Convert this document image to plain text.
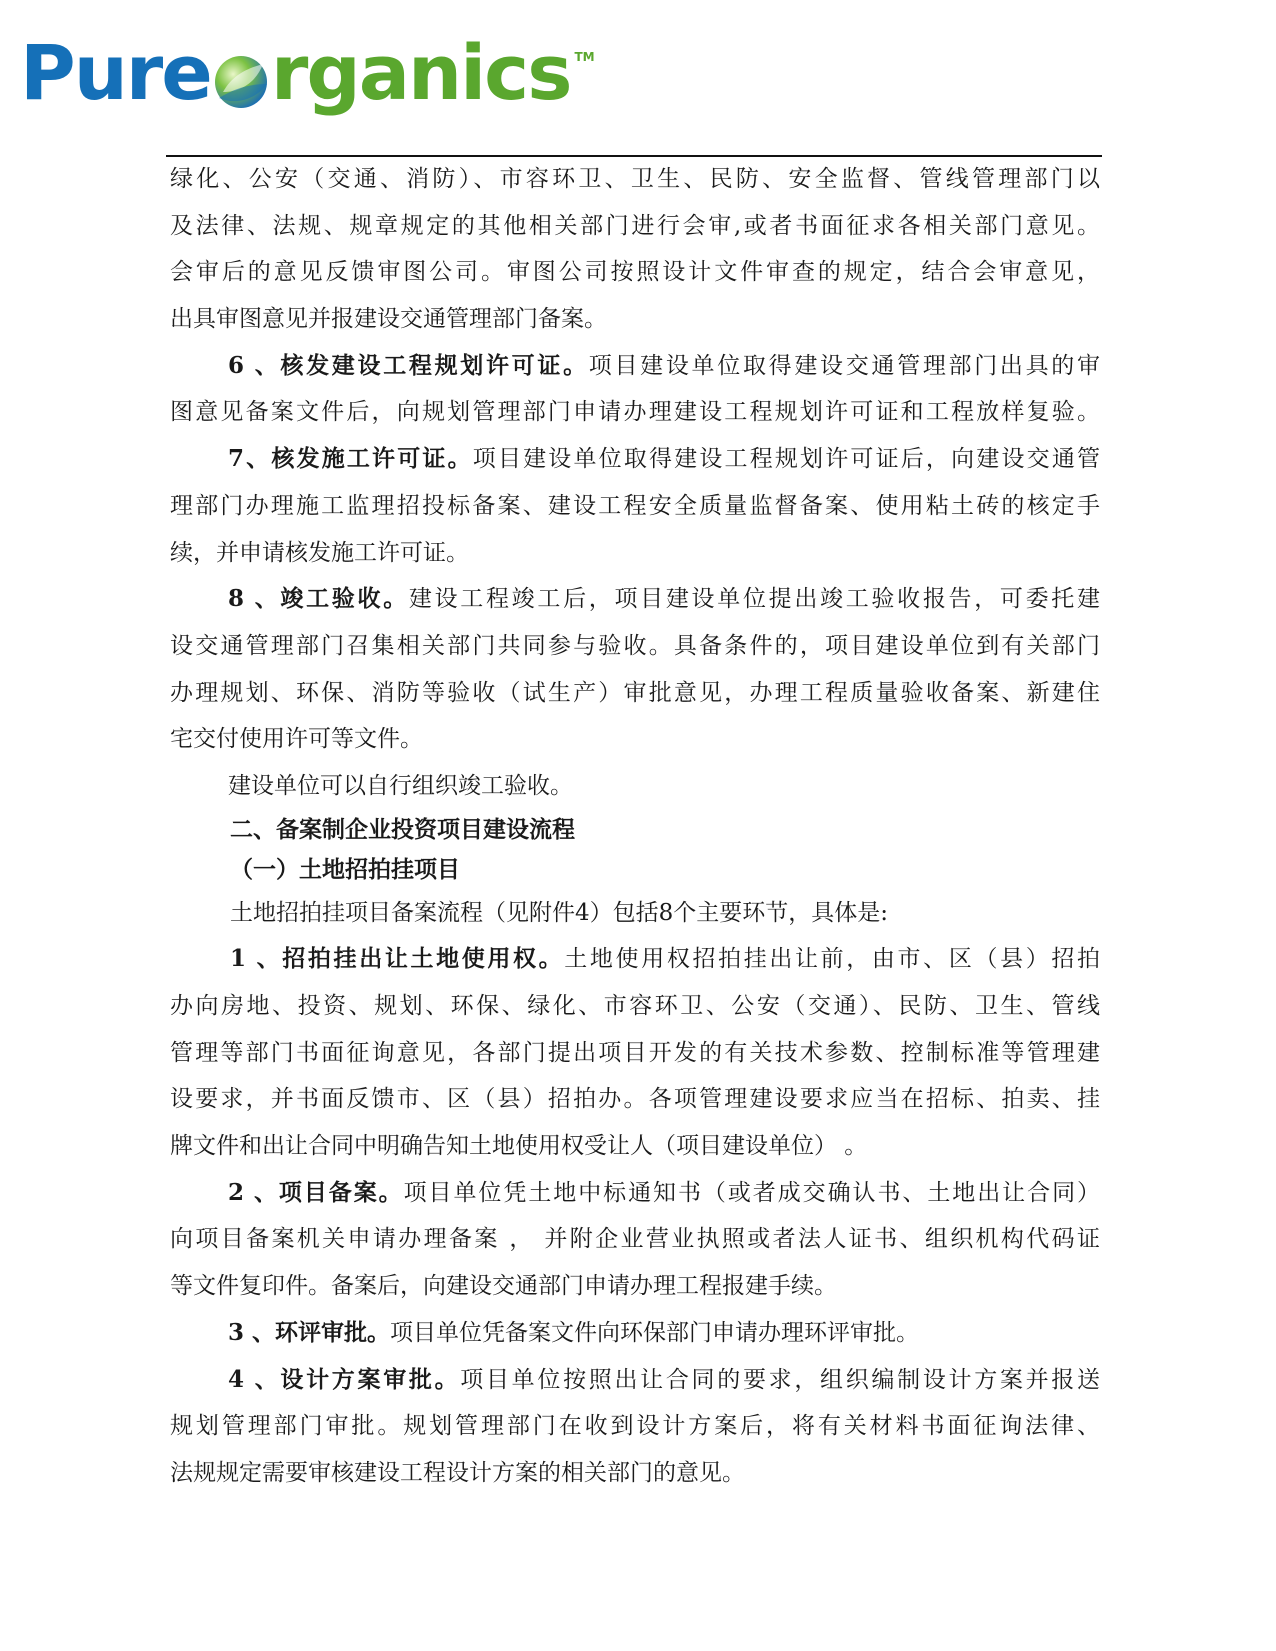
Pure rganics TM
绿化、公安（交通、消防）、市容环卫、卫生、民防、安全监督、管线管理部门以
及法律、法规、规章规定的其他相关部门进行会审,或者书面征求各相关部门意见。
会审后的意见反馈审图公司。审图公司按照设计文件审查的规定，结合会审意见，
出具审图意见并报建设交通管理部门备案。
6 、核发建设工程规划许可证。项目建设单位取得建设交通管理部门出具的审
图意见备案文件后，向规划管理部门申请办理建设工程规划许可证和工程放样复验。
7、核发施工许可证。项目建设单位取得建设工程规划许可证后，向建设交通管
理部门办理施工监理招投标备案、建设工程安全质量监督备案、使用粘土砖的核定手
续，并申请核发施工许可证。
8 、竣工验收。建设工程竣工后，项目建设单位提出竣工验收报告，可委托建
设交通管理部门召集相关部门共同参与验收。具备条件的，项目建设单位到有关部门
办理规划、环保、消防等验收（试生产）审批意见，办理工程质量验收备案、新建住
宅交付使用许可等文件。
建设单位可以自行组织竣工验收。
二、备案制企业投资项目建设流程
（一）土地招拍挂项目
土地招拍挂项目备案流程（见附件4）包括8个主要环节，具体是:
1 、招拍挂出让土地使用权。土地使用权招拍挂出让前，由市、区（县）招拍
办向房地、投资、规划、环保、绿化、市容环卫、公安（交通）、民防、卫生、管线
管理等部门书面征询意见，各部门提出项目开发的有关技术参数、控制标准等管理建
设要求，并书面反馈市、区（县）招拍办。各项管理建设要求应当在招标、拍卖、挂
牌文件和出让合同中明确告知土地使用权受让人（项目建设单位） 。
2 、项目备案。项目单位凭土地中标通知书（或者成交确认书、土地出让合同）
向项目备案机关申请办理备案 ， 并附企业营业执照或者法人证书、组织机构代码证
等文件复印件。备案后，向建设交通部门申请办理工程报建手续。
3 、环评审批。项目单位凭备案文件向环保部门申请办理环评审批。
4 、设计方案审批。项目单位按照出让合同的要求，组织编制设计方案并报送
规划管理部门审批。规划管理部门在收到设计方案后，将有关材料书面征询法律、
法规规定需要审核建设工程设计方案的相关部门的意见。
